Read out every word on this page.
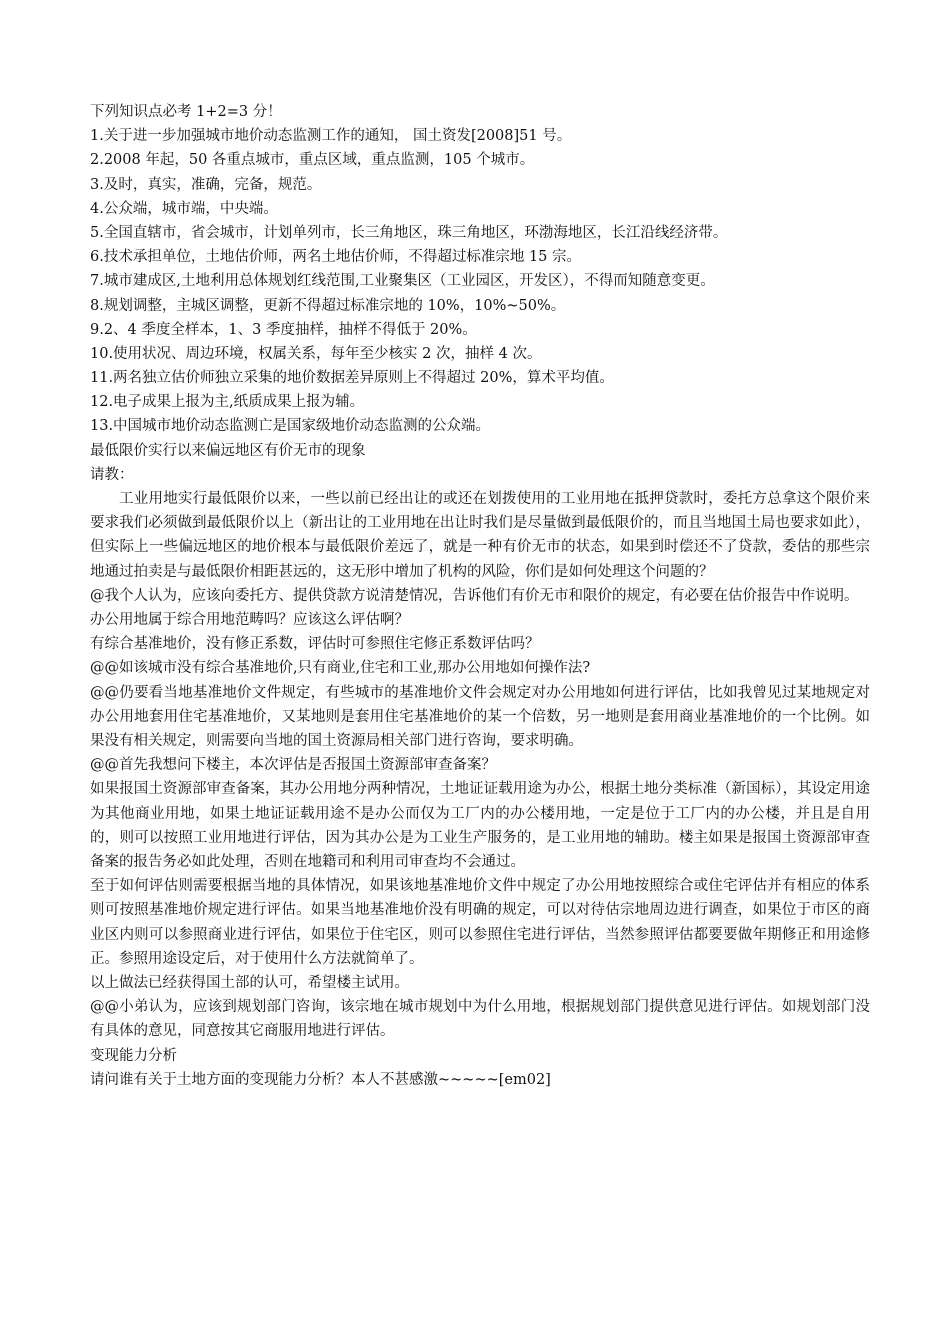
下列知识点必考 1+2=3 分！
1.关于进一步加强城市地价动态监测工作的通知， 国土资发[2008]51 号。
2.2008 年起，50 各重点城市，重点区域，重点监测，105 个城市。
3.及时，真实，准确，完备，规范。
4.公众端，城市端，中央端。
5.全国直辖市，省会城市，计划单列市，长三角地区，珠三角地区，环渤海地区，长江沿线经济带。
6.技术承担单位，土地估价师，两名土地估价师，不得超过标准宗地 15 宗。
7.城市建成区,土地利用总体规划红线范围,工业聚集区（工业园区，开发区），不得而知随意变更。
8.规划调整，主城区调整，更新不得超过标准宗地的 10%，10%~50%。
9.2、4 季度全样本，1、3 季度抽样，抽样不得低于 20%。
10.使用状况、周边环境，权属关系，每年至少核实 2 次，抽样 4 次。
11.两名独立估价师独立采集的地价数据差异原则上不得超过 20%，算术平均值。
12.电子成果上报为主,纸质成果上报为辅。
13.中国城市地价动态监测亡是国家级地价动态监测的公众端。
最低限价实行以来偏远地区有价无市的现象
请教：
工业用地实行最低限价以来，一些以前已经出让的或还在划拨使用的工业用地在抵押贷款时，委托方总拿这个限价来要求我们必须做到最低限价以上（新出让的工业用地在出让时我们是尽量做到最低限价的，而且当地国土局也要求如此），但实际上一些偏远地区的地价根本与最低限价差远了，就是一种有价无市的状态，如果到时偿还不了贷款，委估的那些宗地通过拍卖是与最低限价相距甚远的，这无形中增加了机构的风险，你们是如何处理这个问题的？
@我个人认为，应该向委托方、提供贷款方说清楚情况，告诉他们有价无市和限价的规定，有必要在估价报告中作说明。
办公用地属于综合用地范畴吗？应该这么评估啊？
有综合基准地价，没有修正系数，评估时可参照住宅修正系数评估吗？
@@如该城市没有综合基准地价,只有商业,住宅和工业,那办公用地如何操作法?
@@仍要看当地基准地价文件规定，有些城市的基准地价文件会规定对办公用地如何进行评估，比如我曾见过某地规定对办公用地套用住宅基准地价，又某地则是套用住宅基准地价的某一个倍数，另一地则是套用商业基准地价的一个比例。如果没有相关规定，则需要向当地的国土资源局相关部门进行咨询，要求明确。
@@首先我想问下楼主，本次评估是否报国土资源部审查备案？
如果报国土资源部审查备案，其办公用地分两种情况，土地证证载用途为办公，根据土地分类标准（新国标），其设定用途为其他商业用地，如果土地证证载用途不是办公而仅为工厂内的办公楼用地，一定是位于工厂内的办公楼，并且是自用的，则可以按照工业用地进行评估，因为其办公是为工业生产服务的，是工业用地的辅助。楼主如果是报国土资源部审查备案的报告务必如此处理，否则在地籍司和利用司审查均不会通过。
至于如何评估则需要根据当地的具体情况，如果该地基准地价文件中规定了办公用地按照综合或住宅评估并有相应的体系则可按照基准地价规定进行评估。如果当地基准地价没有明确的规定，可以对待估宗地周边进行调查，如果位于市区的商业区内则可以参照商业进行评估，如果位于住宅区，则可以参照住宅进行评估，当然参照评估都要要做年期修正和用途修正。参照用途设定后，对于使用什么方法就简单了。
以上做法已经获得国土部的认可，希望楼主试用。
@@小弟认为，应该到规划部门咨询，该宗地在城市规划中为什么用地，根据规划部门提供意见进行评估。如规划部门没有具体的意见，同意按其它商服用地进行评估。
变现能力分析
请问谁有关于土地方面的变现能力分析？本人不甚感激~~~~~[em02]
